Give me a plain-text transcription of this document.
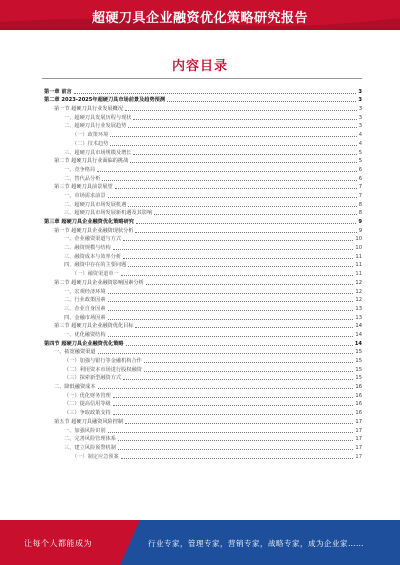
超硬刀具企业融资优化策略研究报告
内容目录
第一章 前言	3
第二章 2023-2025年超硬刀具市场前景及趋势预测	3
第一节 超硬刀具行业发展概况	3
一、超硬刀具发展历程与现状	3
二、超硬刀具行业发展趋势	3
（一）政策环境	4
（二）技术趋势	4
三、超硬刀具市场规模及增长	5
第二节 超硬刀具行业面临的挑战	5
一、竞争格局	6
二、替代品分析	6
第三节 超硬刀具前景展望	7
一、市场需求前景	7
二、超硬刀具市场发展机遇	8
三、超硬刀具市场发展新机遇及其影响	8
第三章 超硬刀具企业融资优化策略研究	9
第一节 超硬刀具企业融资现状分析	9
一、企业融资渠道与方式	10
二、融资规模与结构	10
三、融资成本与效率分析	11
四、融资中存在的主要问题	11
（一）融资渠道单一	11
第二节 超硬刀具企业融资影响因素分析	12
一、宏观经济环境	12
二、行业政策因素	12
三、企业自身因素	13
四、金融市场因素	13
第三节 超硬刀具企业融资优化目标	14
一、优化融资结构	14
第四节 超硬刀具企业融资优化策略	14
一、拓宽融资渠道	15
（一）加强与银行等金融机构合作	15
（二）利用资本市场进行股权融资	15
（三）探索新型融资方式	15
二、降低融资成本	16
（一）优化财务管理	16
（二）提高信用等级	16
（三）争取政策支持	16
第五节 超硬刀具融资风险控制	17
一、加强风险识别	17
二、完善风险管理体系	17
三、建立风险预警机制	17
（一）制定应急预案	17
让每个人都能成为	行业专家，管理专家，营销专家，战略专家，成为企业家……
